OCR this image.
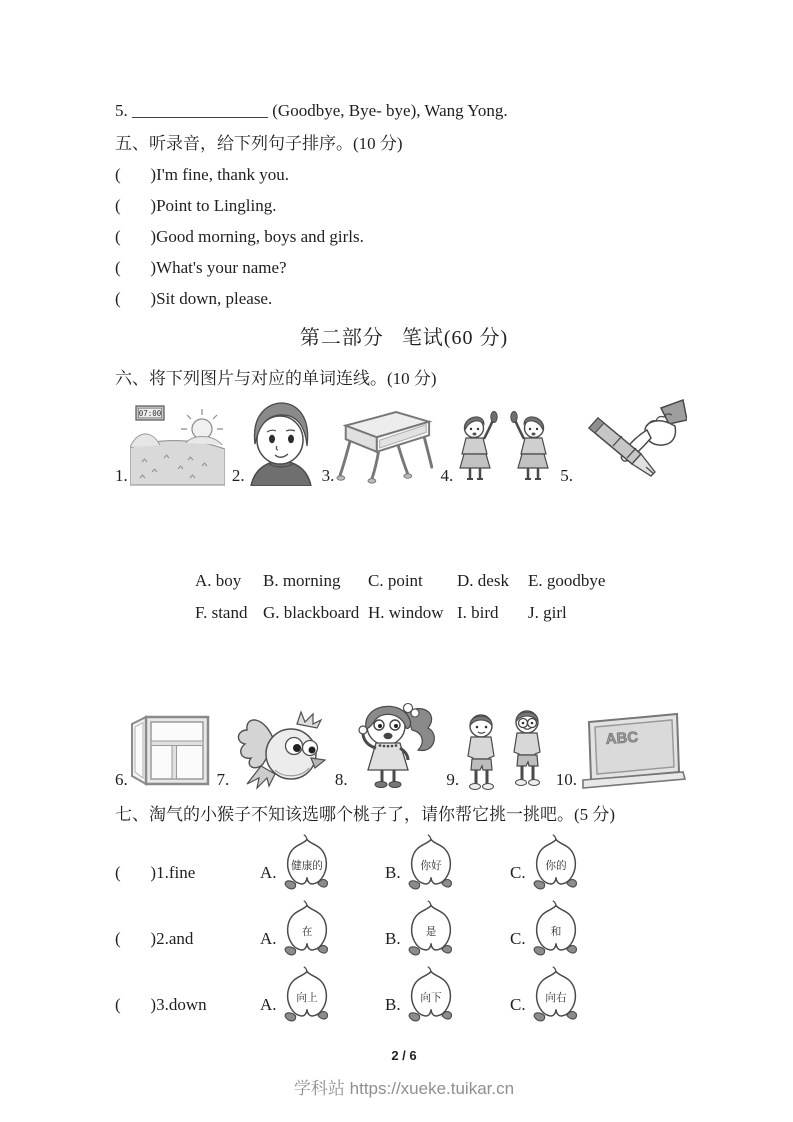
5. ________________ (Goodbye, Bye- bye), Wang Yong.
五、听录音，给下列句子排序。(10 分)
(       )I'm fine, thank you.
(       )Point to Lingling.
(       )Good morning, boys and girls.
(       )What's your name?
(       )Sit down, please.
第二部分   笔试(60 分)
六、将下列图片与对应的单词连线。(10 分)
1.
07:00
2.	3.	4.	5.
A. boy	B. morning	C. point	D. desk	E. goodbye
F. stand G. blackboard H. window I. bird	J. girl
6.	7.	8.	9.	10.
ABC
七、淘气的小猴子不知该选哪个桃子了，请你帮它挑一挑吧。(5 分)
(       )1.fine	A. 健康的	B. 你好	C. 你的
(       )2.and	A. 在	B. 是	C. 和
(       )3.down	A. 向上	B. 向下	C. 向右
2 / 6
学科站 https://xueke.tuikar.cn
